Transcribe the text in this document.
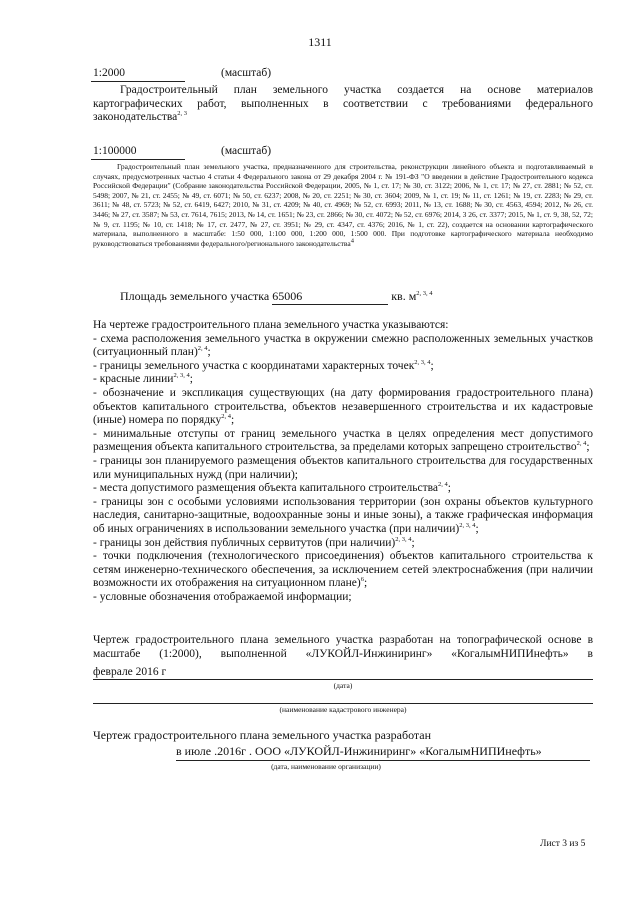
1311
1:2000	(масштаб)
Градостроительный план земельного участка создается на основе материалов картографических работ, выполненных в соответствии с требованиями федерального законодательства$^{2, 3}$
1:100000	(масштаб)
Градостроительный план земельного участка, предназначенного для строительства, реконструкции линейного объекта и подготавливаемый в случаях, предусмотренных частью 4 статьи 4 Федерального закона от 29 декабря 2004 г. № 191-ФЗ "О введении в действие Градостроительного кодекса Российской Федерации" (Собрание законодательства Российской Федерации, 2005, № 1, ст. 17; № 30, ст. 3122; 2006, № 1, ст. 17; № 27, ст. 2881; № 52, ст. 5498; 2007, № 21, ст. 2455; № 49, ст. 6071; № 50, ст. 6237; 2008, № 20, ст. 2251; № 30, ст. 3604; 2009, № 1, ст. 19; № 11, ст. 1261; № 19, ст. 2283; № 29, ст. 3611; № 48, ст. 5723; № 52, ст. 6419, 6427; 2010, № 31, ст. 4209; № 40, ст. 4969; № 52, ст. 6993; 2011, № 13, ст. 1688; № 30, ст. 4563, 4594; 2012, № 26, ст. 3446; № 27, ст. 3587; № 53, ст. 7614, 7615; 2013, № 14, ст. 1651; № 23, ст. 2866; № 30, ст. 4072; № 52, ст. 6976; 2014, 3 26, ст. 3377; 2015, № 1, ст. 9, 38, 52, 72; № 9, ст. 1195; № 10, ст. 1418; № 17, ст. 2477, № 27, ст. 3951; № 29, ст. 4347, ст. 4376; 2016, № 1, ст. 22), создается на основании картографического материала, выполненного в масштабе: 1:50 000, 1:100 000, 1:200 000, 1:500 000. При подготовке картографического материала необходимо руководствоваться требованиями федерального/регионального законодательства$^4$
Площадь земельного участка 65006	кв. $м^{2, 3, 4}$
На чертеже градостроительного плана земельного участка указываются:
- схема расположения земельного участка в окружении смежно расположенных земельных участков (ситуационный план)$^{2, 4}$;
- границы земельного участка с координатами характерных точек$^{2, 3, 4}$;
- красные линии$^{2, 3, 4}$;
- обозначение и экспликация существующих (на дату формирования градостроительного плана) объектов капитального строительства, объектов незавершенного строительства и их кадастровые (иные) номера по порядку$^{2, 4}$;
- минимальные отступы от границ земельного участка в целях определения мест допустимого размещения объекта капитального строительства, за пределами которых запрещено строительство$^{2, 4}$;
- границы зон планируемого размещения объектов капитального строительства для государственных или муниципальных нужд (при наличии);
- места допустимого размещения объекта капитального строительства$^{2, 4}$;
- границы зон с особыми условиями использования территории (зон охраны объектов культурного наследия, санитарно-защитные, водоохранные зоны и иные зоны), а также графическая информация об иных ограничениях в использовании земельного участка (при наличии)$^{2, 3, 4}$;
- границы зон действия публичных сервитутов (при наличии)$^{2, 3, 4}$;
- точки подключения (технологического присоединения) объектов капитального строительства к сетям инженерно-технического обеспечения, за исключением сетей электроснабжения (при наличии возможности их отображения на ситуационном плане)$^6$;
- условные обозначения отображаемой информации;
Чертеж градостроительного плана земельного участка разработан на топографической основе в масштабе (1:2000), выполненной «ЛУКОЙЛ-Инжиниринг» «КогалымНИПИнефть» в
феврале 2016 г
(дата)
(наименование кадастрового инженера)
Чертеж градостроительного плана земельного участка разработан
в июле .2016г . ООО «ЛУКОЙЛ-Инжиниринг» «КогалымНИПИнефть»
(дата, наименование организации)
Лист 3 из 5
